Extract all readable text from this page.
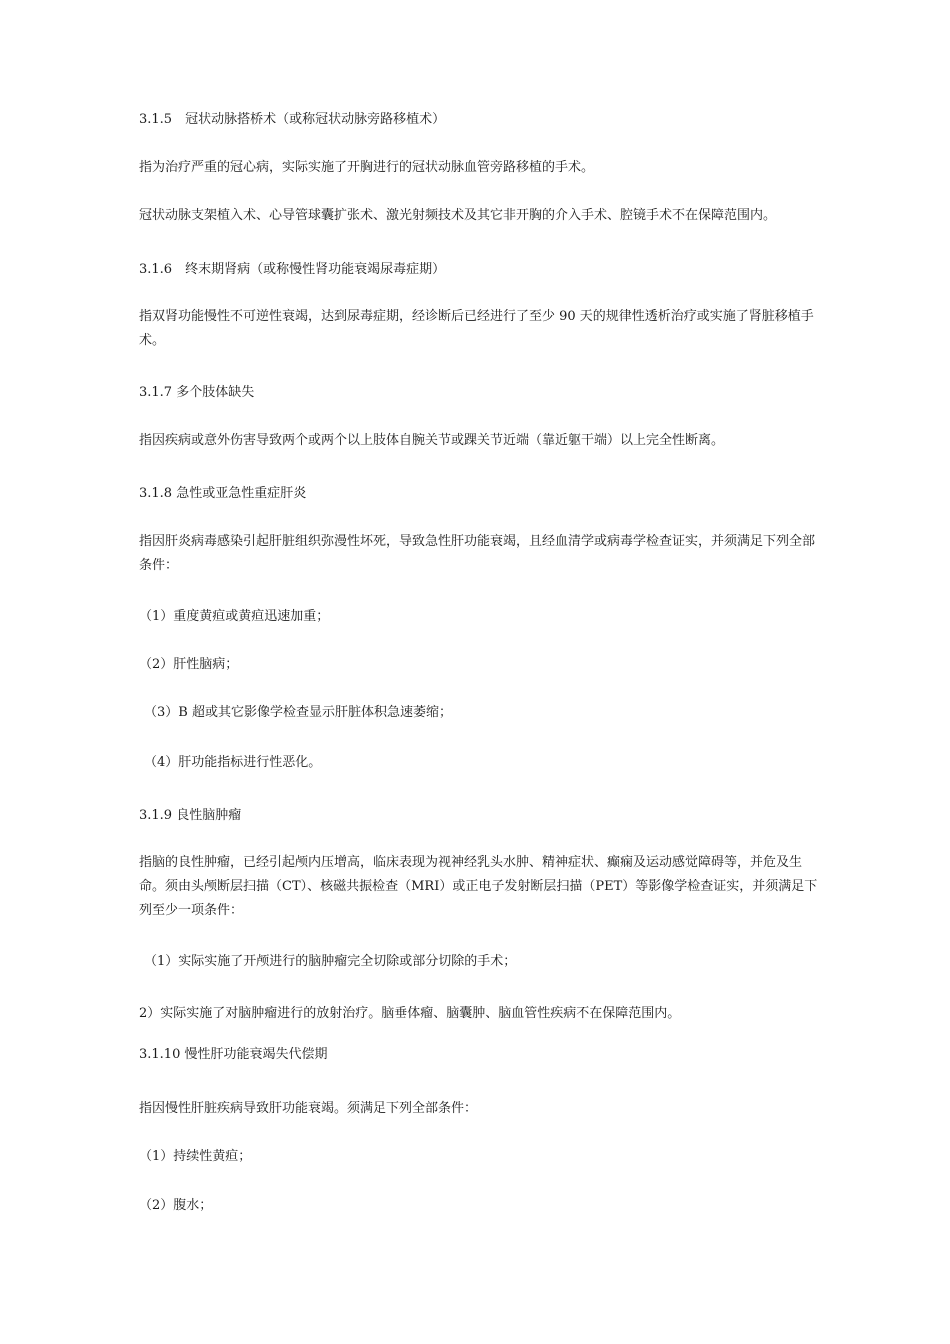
3.1.5　冠状动脉搭桥术（或称冠状动脉旁路移植术）
指为治疗严重的冠心病，实际实施了开胸进行的冠状动脉血管旁路移植的手术。
冠状动脉支架植入术、心导管球囊扩张术、激光射频技术及其它非开胸的介入手术、腔镜手术不在保障范围内。
3.1.6　终末期肾病（或称慢性肾功能衰竭尿毒症期）
指双肾功能慢性不可逆性衰竭，达到尿毒症期，经诊断后已经进行了至少 90 天的规律性透析治疗或实施了肾脏移植手术。
3.1.7 多个肢体缺失
指因疾病或意外伤害导致两个或两个以上肢体自腕关节或踝关节近端（靠近躯干端）以上完全性断离。
3.1.8 急性或亚急性重症肝炎
指因肝炎病毒感染引起肝脏组织弥漫性坏死，导致急性肝功能衰竭，且经血清学或病毒学检查证实，并须满足下列全部条件：
（1）重度黄疸或黄疸迅速加重；
（2）肝性脑病；
（3）B 超或其它影像学检查显示肝脏体积急速萎缩；
（4）肝功能指标进行性恶化。
3.1.9 良性脑肿瘤
指脑的良性肿瘤，已经引起颅内压增高，临床表现为视神经乳头水肿、精神症状、癫痫及运动感觉障碍等，并危及生命。须由头颅断层扫描（CT）、核磁共振检查（MRI）或正电子发射断层扫描（PET）等影像学检查证实，并须满足下列至少一项条件：
（1）实际实施了开颅进行的脑肿瘤完全切除或部分切除的手术；
2）实际实施了对脑肿瘤进行的放射治疗。脑垂体瘤、脑囊肿、脑血管性疾病不在保障范围内。
3.1.10 慢性肝功能衰竭失代偿期
指因慢性肝脏疾病导致肝功能衰竭。须满足下列全部条件：
（1）持续性黄疸；
（2）腹水；
